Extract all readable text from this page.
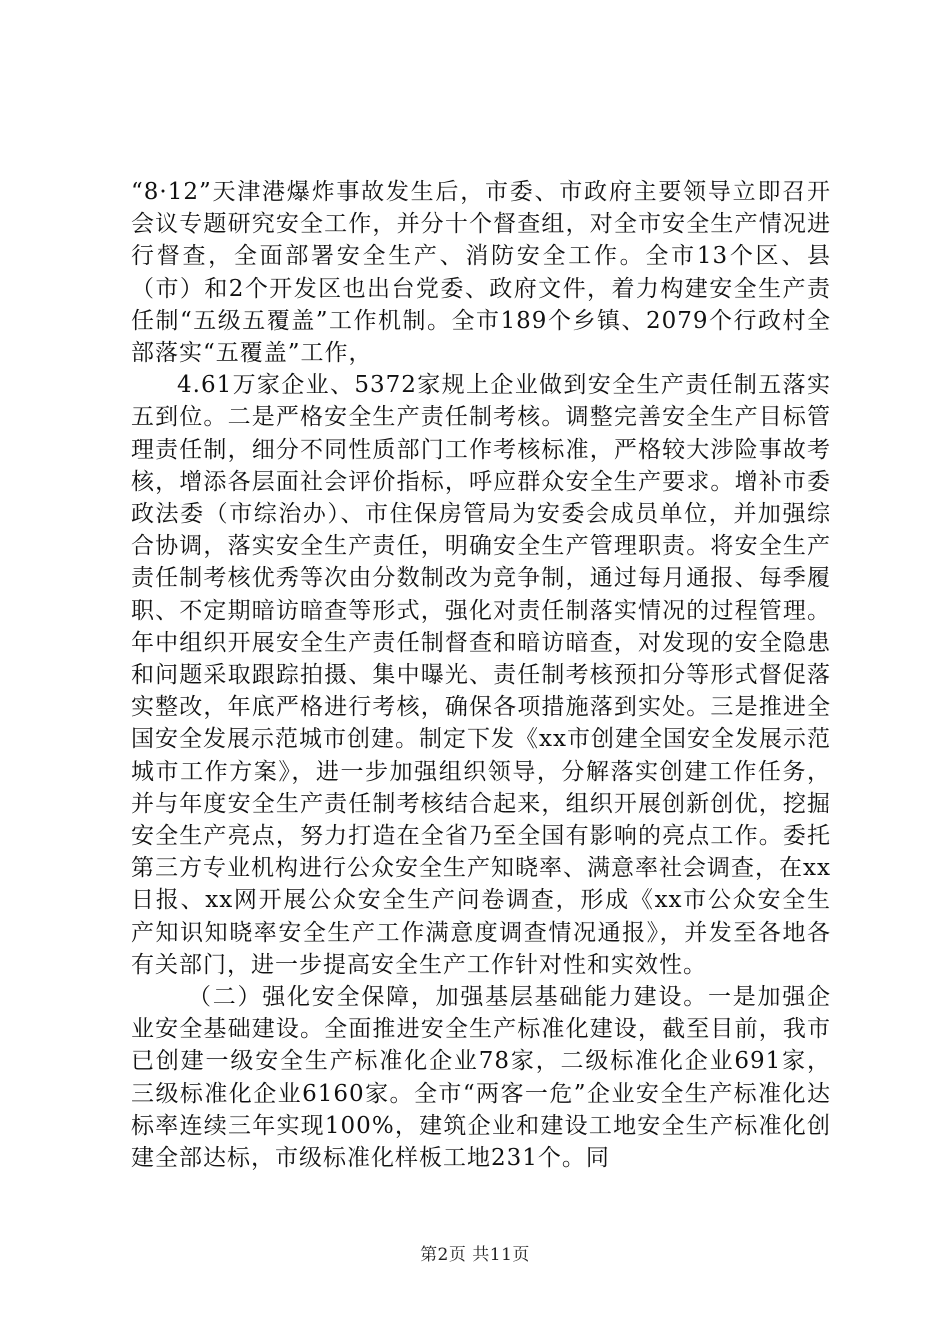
“8·12”天津港爆炸事故发生后，市委、市政府主要领导立即召开会议专题研究安全工作，并分十个督查组，对全市安全生产情况进行督查，全面部署安全生产、消防安全工作。全市13个区、县（市）和2个开发区也出台党委、政府文件，着力构建安全生产责任制“五级五覆盖”工作机制。全市189个乡镇、2079个行政村全部落实“五覆盖”工作，

4.61万家企业、5372家规上企业做到安全生产责任制五落实五到位。二是严格安全生产责任制考核。调整完善安全生产目标管理责任制，细分不同性质部门工作考核标准，严格较大涉险事故考核，增添各层面社会评价指标，呼应群众安全生产要求。增补市委政法委（市综治办）、市住保房管局为安委会成员单位，并加强综合协调，落实安全生产责任，明确安全生产管理职责。将安全生产责任制考核优秀等次由分数制改为竞争制，通过每月通报、每季履职、不定期暗访暗查等形式，强化对责任制落实情况的过程管理。年中组织开展安全生产责任制督查和暗访暗查，对发现的安全隐患和问题采取跟踪拍摄、集中曝光、责任制考核预扣分等形式督促落实整改，年底严格进行考核，确保各项措施落到实处。三是推进全国安全发展示范城市创建。制定下发《xx市创建全国安全发展示范城市工作方案》，进一步加强组织领导，分解落实创建工作任务，并与年度安全生产责任制考核结合起来，组织开展创新创优，挖掘安全生产亮点，努力打造在全省乃至全国有影响的亮点工作。委托第三方专业机构进行公众安全生产知晓率、满意率社会调查，在xx日报、xx网开展公众安全生产问卷调查，形成《xx市公众安全生产知识知晓率安全生产工作满意度调查情况通报》，并发至各地各有关部门，进一步提高安全生产工作针对性和实效性。

（二）强化安全保障，加强基层基础能力建设。一是加强企业安全基础建设。全面推进安全生产标准化建设，截至目前，我市已创建一级安全生产标准化企业78家，二级标准化企业691家，三级标准化企业6160家。全市“两客一危”企业安全生产标准化达标率连续三年实现100%，建筑企业和建设工地安全生产标准化创建全部达标，市级标准化样板工地231个。同

第2页 共11页
